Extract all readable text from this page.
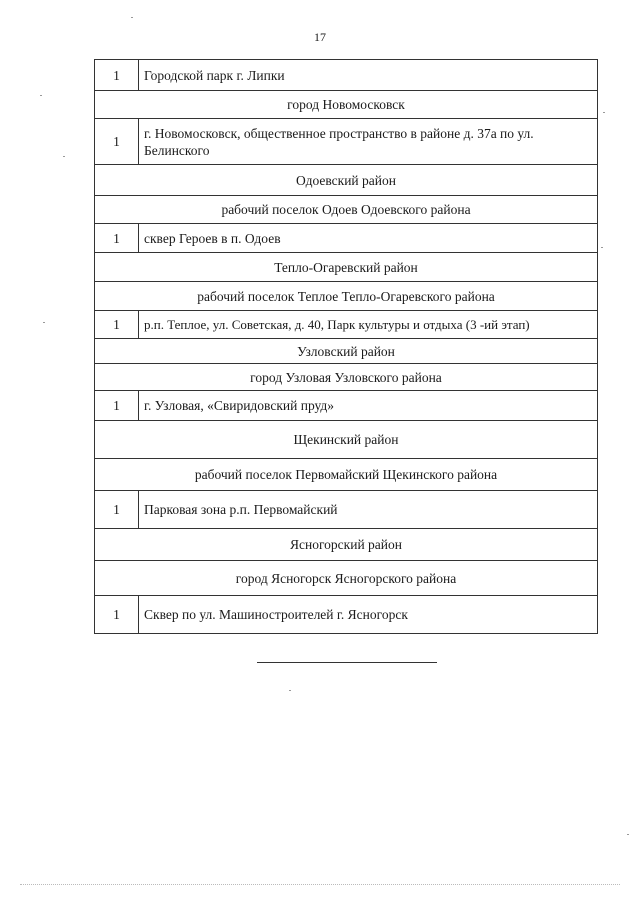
17
1	Городской парк г. Липки
город Новомосковск	
1	г. Новомосковск, общественное пространство в районе д. 37а по ул. Белинского
Одоевский район	
рабочий поселок Одоев Одоевского района	
1	сквер Героев в п. Одоев
Тепло-Огаревский район	
рабочий поселок Теплое Тепло-Огаревского района	
1	р.п. Теплое, ул. Советская, д. 40, Парк культуры и отдыха (3 -ий этап)
Узловский район	
город Узловая Узловского района	
1	г. Узловая, «Свиридовский пруд»
Щекинский район	
рабочий поселок Первомайский Щекинского района	
1	Парковая зона р.п. Первомайский
Ясногорский район	
город Ясногорск Ясногорского района	
1	Сквер по ул. Машиностроителей г. Ясногорск
